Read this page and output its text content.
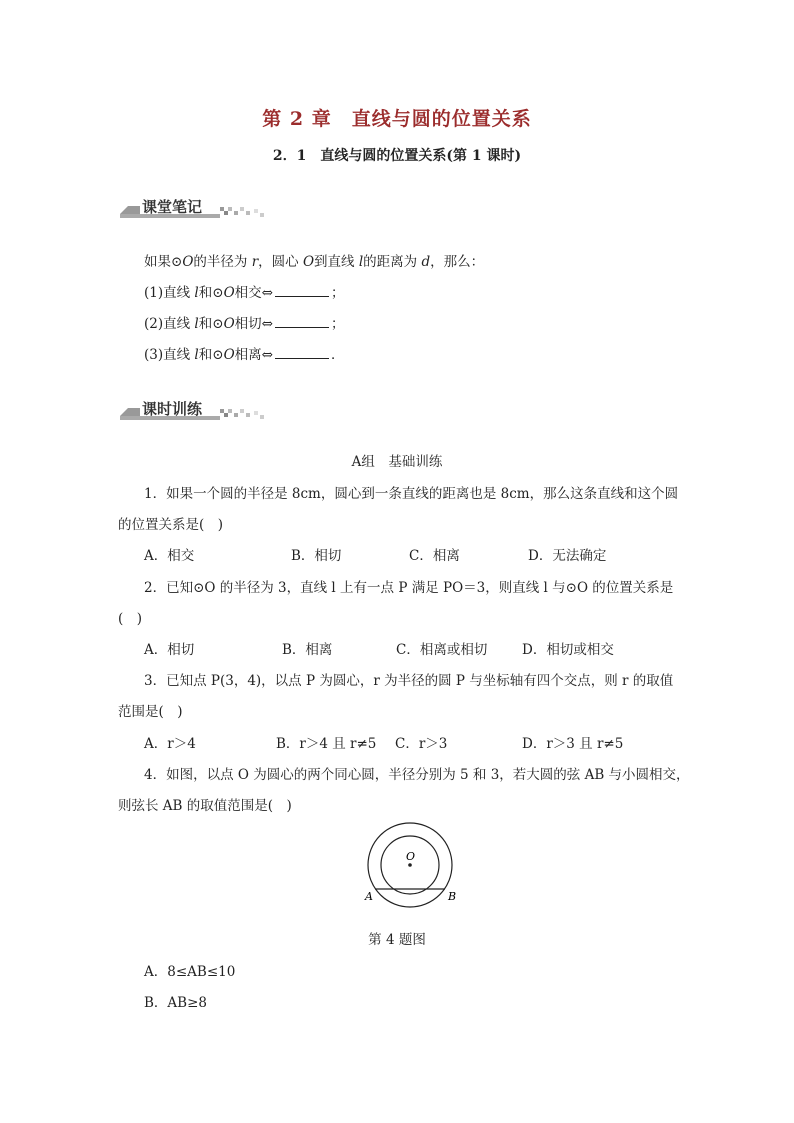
第 2 章　直线与圆的位置关系
2．1　直线与圆的位置关系(第 1 课时)
课堂笔记
如果⊙O的半径为 r，圆心 O到直线 l的距离为 d，那么：
(1)直线 l和⊙O相交⇔	；
(2)直线 l和⊙O相切⇔	；
(3)直线 l和⊙O相离⇔	．
课时训练
A组　基础训练
1．如果一个圆的半径是 8cm，圆心到一条直线的距离也是 8cm，那么这条直线和这个圆
的位置关系是(　)
A．相交	B．相切	C．相离	D．无法确定
2．已知⊙O 的半径为 3，直线 l 上有一点 P 满足 PO＝3，则直线 l 与⊙O 的位置关系是
(　)
A．相切	B．相离	C．相离或相切	D．相切或相交
3．已知点 P(3，4)，以点 P 为圆心，r 为半径的圆 P 与坐标轴有四个交点，则 r 的取值
范围是(　)
A．r＞4	B．r＞4 且 r≠5 C．r＞3	D．r＞3 且 r≠5
4．如图，以点 O 为圆心的两个同心圆，半径分别为 5 和 3，若大圆的弦 AB 与小圆相交，
则弦长 AB 的取值范围是(　)
O
A	B
第 4 题图
A．8≤AB≤10
B．AB≥8
